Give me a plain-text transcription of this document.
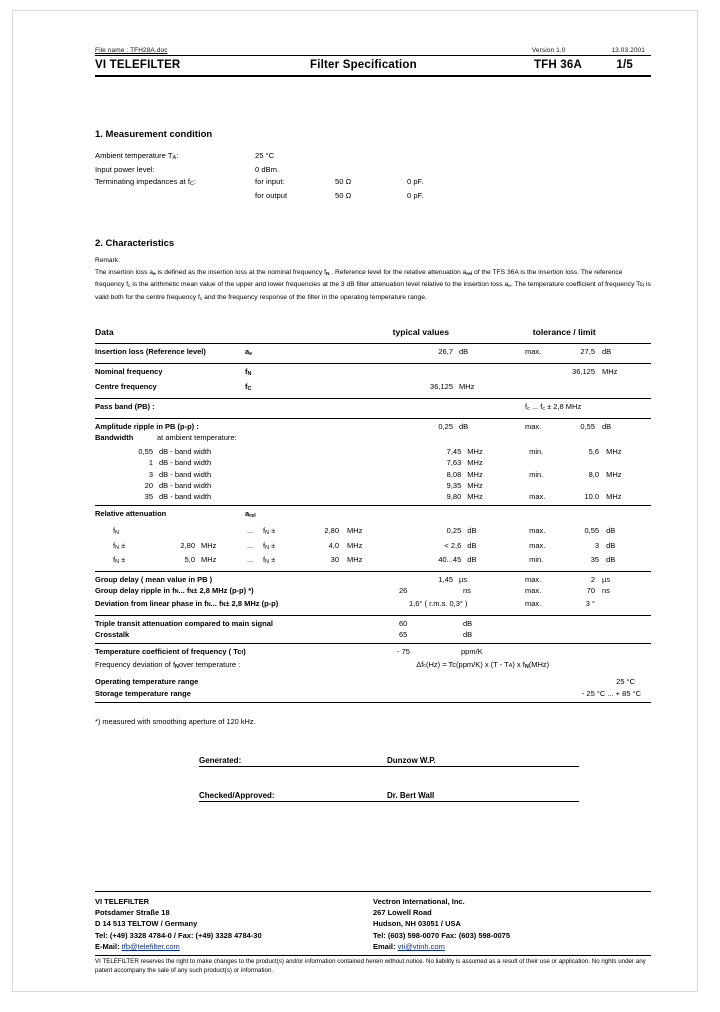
File name : TFH28A.doc	Version 1.0	13.03.2001
VI TELEFILTER	Filter Specification	TFH 36A	1/5
1. Measurement condition
Ambient temperature $T_A$:	25 °C
Input power level:	0 dBm.
Terminating impedances at $f_C$:	for input:	50 Ω	0 pF.
for output	50 Ω	0 pF.
2. Characteristics
Remark:
The insertion loss $a_e$ is defined as the insertion loss at the nominal frequency $f_N$ . Reference level for the relative attenuation $a_{rel}$ of the TFS 36A is the insertion loss. The reference frequency $f_c$ is the arithmetic mean value of the upper and lower frequencies at the 3 dB filter attenuation level relative to the insertion loss $a_e$. The temperature coefficient of frequency $Tc_f$ is valid both for the centre frequency $f_c$ and the frequency response of the filter in the operating temperature range.
Data	typical values	tolerance / limit
Insertion loss (Reference level)	$a_e$	26,7 dB	max.	27,5 dB
Nominal frequency	$f_N$	36,125 MHz
Centre frequency	$f_C$	36,125 MHz
Pass band (PB) :	$f_c$ ... $f_c \pm 2,8$ MHz
Amplitude ripple in PB (p-p) :	0,25 dB	max.	0,55 dB
Bandwidth	at ambient temperature:
0,55 dB - band width	7,45 MHz	min.	5,6 MHz
1 dB - band width	7,63 MHz
3 dB - band width	8,08 MHz	min.	8,0 MHz
20 dB - band width	9,35 MHz
35 dB - band width	9,80 MHz	max.	10.0 MHz
Relative attenuation	$a_{rel}$
$f_N$	...	$f_N$ ±	2,80	MHz	0,25 dB	max.	0,55 dB
$f_N$ ±	2,80 MHz	...	$f_N$ ±	4,0	MHz	< 2,6 dB	max.	3 dB
$f_N$ ±	5,0 MHz	...	$f_N$ ±	30	MHz	40...45 dB	min.	35 dB
Group delay ( mean value in PB )	1,45 µs	max.	2 µs
Group delay ripple in $f_N$ ... $f_N \pm 2,8$ MHz (p-p) *)	26	ns	max.	70 ns
Deviation from linear phase in $f_N$ ... $f_N \pm 2,8$ MHz (p-p)	1,6° ( r.m.s. 0,3° )	max.	3 °
Triple transit attenuation compared to main signal	60	dB
Crosstalk	65	dB
Temperature coefficient of frequency ( $Tc_f$ )	- 75	ppm/K
Frequency deviation of f $_N$ over temperature :	$\Delta f_c$ (Hz) = Tc(ppm/K) x ($T - T_A$ ) x f $_N$ (MHz)
Operating temperature range	25 °C
Storage temperature range	- 25 °C ... + 85 °C
*) measured with smoothing aperture of 120 kHz.
Generated:	Dunzow W.P.
Checked/Approved:	Dr. Bert Wall
VI TELEFILTER
Potsdamer Straße 18
D 14 513 TELTOW / Germany
Tel: (+49) 3328 4784-0 / Fax: (+49) 3328 4784-30
E-Mail: tfb@telefilter.com
Vectron International, Inc.
267 Lowell Road
Hudson, NH 03051 / USA
Tel: (603) 598-0070 Fax: (603) 598-0075
Email: vti@vtinh.com
VI TELEFILTER reserves the right to make changes to the product(s) and/or information contained herein without notice. No liability is assumed as a result of their use or application. No rights under any patent accompany the sale of any such product(s) or information.
